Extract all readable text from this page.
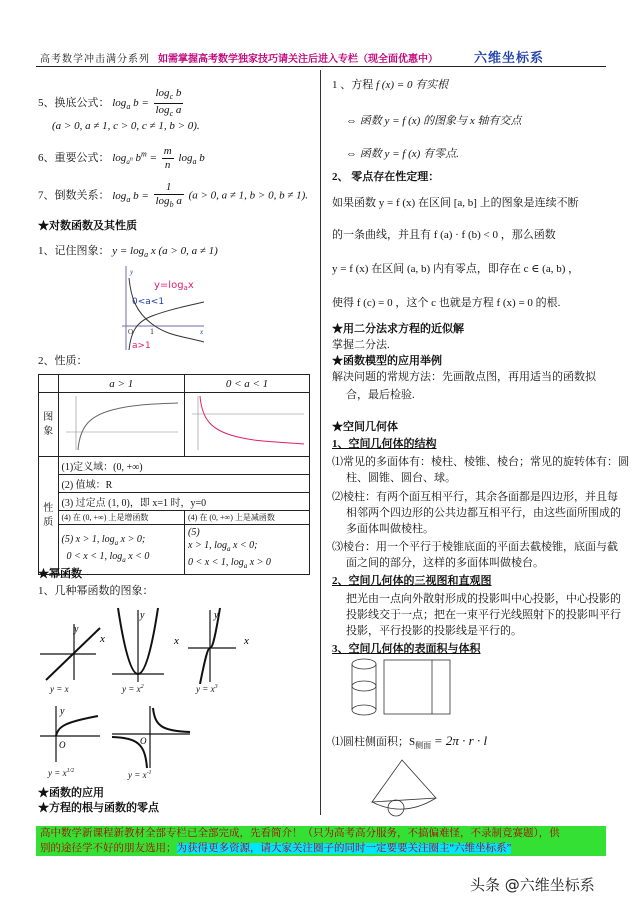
高考数学冲击满分系列 如需掌握高考数学独家技巧请关注后进入专栏（现全面优惠中）	六维坐标系
5、换底公式： $\log_a b = \frac{\log_c b}{\log_c a}$
(a > 0, a ≠ 1, c > 0, c ≠ 1, b > 0).
6、重要公式： $\log_{a^n} b^m = \frac{m}{n} \log_a b$
7、倒数关系： $\log_a b = \frac{1}{\log_b a} (a > 0$, a ≠ 1, b > 0, b ≠ 1).
★对数函数及其性质
1、记住图象： $y = \log_a x$ (a > 0, a ≠ 1)
y
x
O 1
$y=\log_ax$
0<a<1
a>1
2、性质：
	a > 1	0 < a < 1
图象		
性质	(1)定义域：(0, +∞)	
	(2) 值域：R	
	(3) 过定点 (1, 0)，即 x=1 时，y=0	
	(4) 在 (0, +∞) 上是增函数	(4) 在 (0, +∞) 上是减函数
	(5) x > 1, $\log_a x > 0$;
0 < x < 1, $\log_a x < 0$	(5)
x > 1, $\log_a x < 0$;
0 < x < 1, $\log_a x > 0$
★幂函数
1、几种幂函数的图象：
y
x
y = x
y
x
$y = x^2$
y
x
$y = x^3$
y
O
$y = x^{1/2}$
O
$y = x^{-1}$
★函数的应用
★方程的根与函数的零点
1 、方程 f (x) = 0 有实根
⇔ 函数 y = f (x) 的图象与 x 轴有交点
⇔ 函数 y = f (x) 有零点.
2、 零点存在性定理：
如果函数 y = f (x) 在区间 [a, b] 上的图象是连续不断
的一条曲线，并且有 f (a) · f (b) < 0 ，那么函数
y = f (x) 在区间 (a, b) 内有零点，即存在 c ∈ (a, b) ，
使得 f (c) = 0 ，这个 c 也就是方程 f (x) = 0 的根.
★用二分法求方程的近似解
掌握二分法.
★函数模型的应用举例
解决问题的常规方法：先画散点图，再用适当的函数拟
合，最后检验.
★空间几何体
1、空间几何体的结构
⑴常见的多面体有：棱柱、棱锥、棱台；常见的旋转体有：圆
柱、圆锥、圆台、球。
⑵棱柱：有两个面互相平行，其余各面都是四边形，并且每
相邻两个四边形的公共边都互相平行，由这些面所围成的
多面体叫做棱柱。
⑶棱台：用一个平行于棱锥底面的平面去截棱锥，底面与截
面之间的部分，这样的多面体叫做棱台。
2、空间几何体的三视图和直观图
把光由一点向外散射形成的投影叫中心投影，中心投影的
投影线交于一点；把在一束平行光线照射下的投影叫平行
投影，平行投影的投影线是平行的。
3、空间几何体的表面积与体积
⑴圆柱侧面积；$S_{侧面} = 2\pi \cdot r \cdot l$
高中数学新课程新教材全部专栏已全部完成，先看简介！（只为高考高分服务，不搞偏难怪，不录制竞赛题），供
别的途径学不好的朋友选用；为获得更多资源，请大家关注圈子的同时一定要要关注圈主“六维坐标系”
头条 @六维坐标系
